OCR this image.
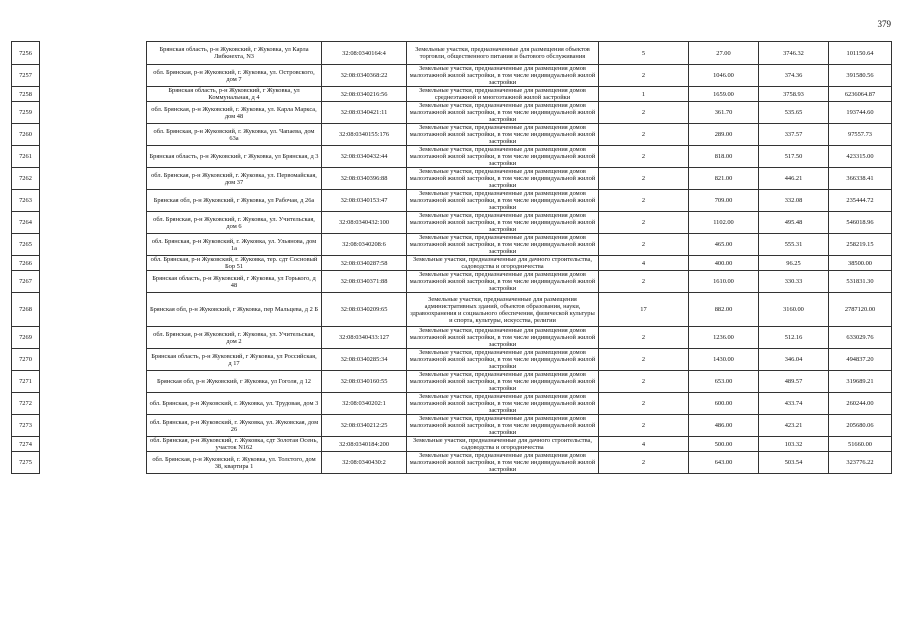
379
7256		Брянская область, р-н Жуковский, г Жуковка, ул Карла Либкнехта, N3	32:08:0340164:4	Земельные участки, предназначенные для размещения объектов торговли, общественного питания и бытового обслуживания	5	27.00	3746.32	101150.64
7257		обл. Брянская, р-н Жуковский, г. Жуковка, ул. Островского, дом 7	32:08:0340368:22	Земельные участки, предназначенные для размещения домов малоэтажной жилой застройки, в том числе индивидуальной жилой застройки	2	1046.00	374.36	391580.56
7258		Брянская область, р-н Жуковский, г Жуковка, ул Коммунальная, д 4	32:08:0340216:56	Земельные участки, предназначенные для размещения домов среднеэтажной и многоэтажной жилой застройки	1	1659.00	3758.93	6236064.87
7259		обл. Брянская, р-н Жуковский, г. Жуковка, ул. Карла Маркса, дом 48	32:08:0340421:11	Земельные участки, предназначенные для размещения домов малоэтажной жилой застройки, в том числе индивидуальной жилой застройки	2	361.70	535.65	193744.60
7260		обл. Брянская, р-н Жуковский, г. Жуковка, ул. Чапаева, дом 63а	32:08:0340155:176	Земельные участки, предназначенные для размещения домов малоэтажной жилой застройки, в том числе индивидуальной жилой застройки	2	289.00	337.57	97557.73
7261		Брянская область, р-н Жуковский, г Жуковка, ул Брянская, д 3	32:08:0340432:44	Земельные участки, предназначенные для размещения домов малоэтажной жилой застройки, в том числе индивидуальной жилой застройки	2	818.00	517.50	423315.00
7262		обл. Брянская, р-н Жуковский, г. Жуковка, ул. Первомайская, дом 37	32:08:0340396:88	Земельные участки, предназначенные для размещения домов малоэтажной жилой застройки, в том числе индивидуальной жилой застройки	2	821.00	446.21	366338.41
7263		Брянская обл, р-н Жуковский, г Жуковка, ул Рабочая, д 26а	32:08:0340153:47	Земельные участки, предназначенные для размещения домов малоэтажной жилой застройки, в том числе индивидуальной жилой застройки	2	709.00	332.08	235444.72
7264		обл. Брянская, р-н Жуковский, г. Жуковка, ул. Учительская, дом 6	32:08:0340432:100	Земельные участки, предназначенные для размещения домов малоэтажной жилой застройки, в том числе индивидуальной жилой застройки	2	1102.00	495.48	546018.96
7265		обл. Брянская, р-н Жуковский, г. Жуковка, ул. Ульянова, дом 1а	32:08:0340208:6	Земельные участки, предназначенные для размещения домов малоэтажной жилой застройки, в том числе индивидуальной жилой застройки	2	465.00	555.31	258219.15
7266		обл. Брянская, р-н Жуковский, г. Жуковка, тер. сдт Сосновый Бор 51	32:08:0340287:58	Земельные участки, предназначенные для дачного строительства, садоводства и огородничества	4	400.00	96.25	38500.00
7267		Брянская область, р-н Жуковский, г Жуковка, ул Горького, д 48	32:08:0340371:88	Земельные участки, предназначенные для размещения домов малоэтажной жилой застройки, в том числе индивидуальной жилой застройки	2	1610.00	330.33	531831.30
7268		Брянская обл, р-н Жуковский, г Жуковка, пер Мальцева, д 2 Б	32:08:0340209:65	Земельные участки, предназначенные для размещения административных зданий, объектов образования, науки, здравоохранения и социального обеспечения, физической культуры и спорта, культуры, искусства, религии	17	882.00	3160.00	2787120.00
7269		обл. Брянская, р-н Жуковский, г. Жуковка, ул. Учительская, дом 2	32:08:0340433:127	Земельные участки, предназначенные для размещения домов малоэтажной жилой застройки, в том числе индивидуальной жилой застройки	2	1236.00	512.16	633029.76
7270		Брянская область, р-н Жуковский, г Жуковка, ул Российская, д 17	32:08:0340285:34	Земельные участки, предназначенные для размещения домов малоэтажной жилой застройки, в том числе индивидуальной жилой застройки	2	1430.00	346.04	494837.20
7271		Брянская обл, р-н Жуковский, г Жуковка, ул Гоголя, д 12	32:08:0340160:55	Земельные участки, предназначенные для размещения домов малоэтажной жилой застройки, в том числе индивидуальной жилой застройки	2	653.00	489.57	319689.21
7272		обл. Брянская, р-н Жуковский, г. Жуковка, ул. Трудовая, дом 3	32:08:0340202:1	Земельные участки, предназначенные для размещения домов малоэтажной жилой застройки, в том числе индивидуальной жилой застройки	2	600.00	433.74	260244.00
7273		обл. Брянская, р-н Жуковский, г. Жуковка, ул. Жуковская, дом 26	32:08:0340212:25	Земельные участки, предназначенные для размещения домов малоэтажной жилой застройки, в том числе индивидуальной жилой застройки	2	486.00	423.21	205680.06
7274		обл. Брянская, р-н Жуковский, г. Жуковка, сдт Золотая Осень, участок N162	32:08:0340184:200	Земельные участки, предназначенные для дачного строительства, садоводства и огородничества	4	500.00	103.32	51660.00
7275		обл. Брянская, р-н Жуковский, г. Жуковка, ул. Толстого, дом 38, квартира 1	32:08:0340430:2	Земельные участки, предназначенные для размещения домов малоэтажной жилой застройки, в том числе индивидуальной жилой застройки	2	643.00	503.54	323776.22
